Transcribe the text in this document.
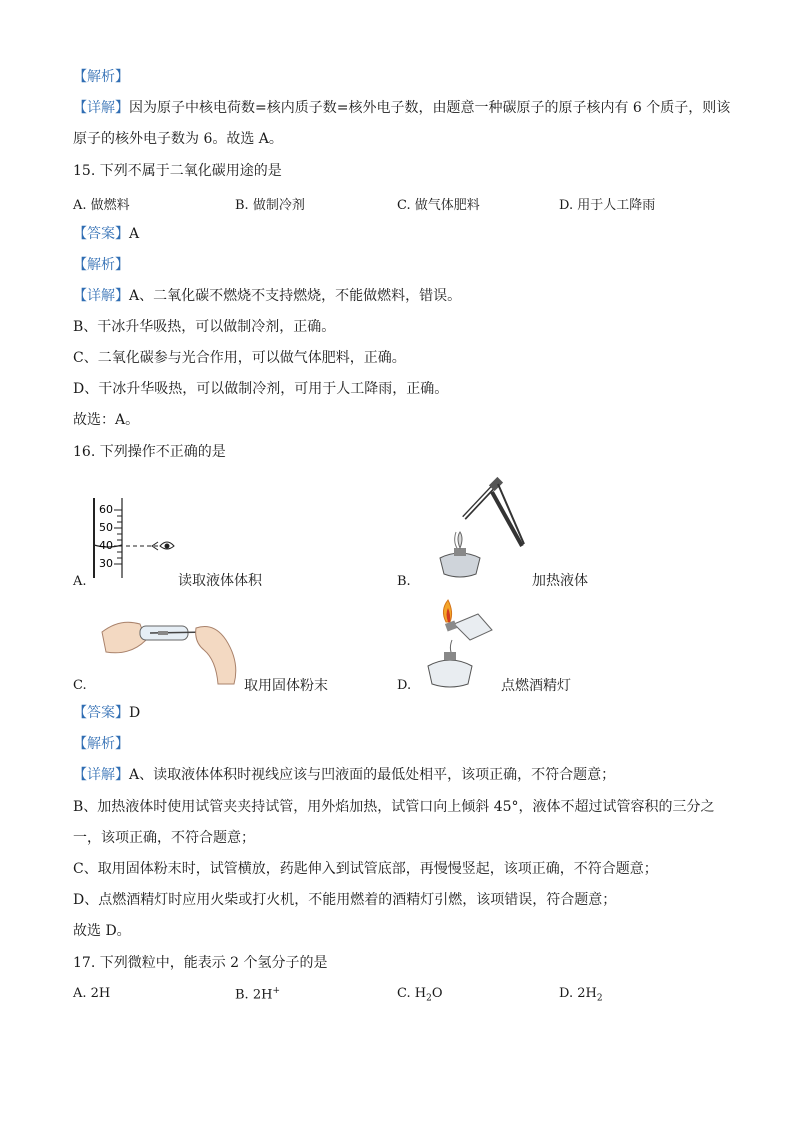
【解析】
【详解】因为原子中核电荷数=核内质子数=核外电子数，由题意一种碳原子的原子核内有 6 个质子，则该
原子的核外电子数为 6。故选 A。
15. 下列不属于二氧化碳用途的是
A. 做燃料	B. 做制冷剂	C. 做气体肥料	D. 用于人工降雨
【答案】A
【解析】
【详解】A、二氧化碳不燃烧不支持燃烧，不能做燃料，错误。
B、干冰升华吸热，可以做制冷剂，正确。
C、二氧化碳参与光合作用，可以做气体肥料，正确。
D、干冰升华吸热，可以做制冷剂，可用于人工降雨，正确。
故选：A。
16. 下列操作不正确的是
A.
60
50
40
30
读取液体体积	B.	加热液体
C.	取用固体粉末	D.	点燃酒精灯
【答案】D
【解析】
【详解】A、读取液体体积时视线应该与凹液面的最低处相平，该项正确，不符合题意；
B、加热液体时使用试管夹夹持试管，用外焰加热，试管口向上倾斜 45°，液体不超过试管容积的三分之
一，该项正确，不符合题意；
C、取用固体粉末时，试管横放，药匙伸入到试管底部，再慢慢竖起，该项正确，不符合题意；
D、点燃酒精灯时应用火柴或打火机，不能用燃着的酒精灯引燃，该项错误，符合题意；
故选 D。
17. 下列微粒中，能表示 2 个氢分子的是
A. 2H	B. 2H+	C. $H_2O$	D. $2H_2$
